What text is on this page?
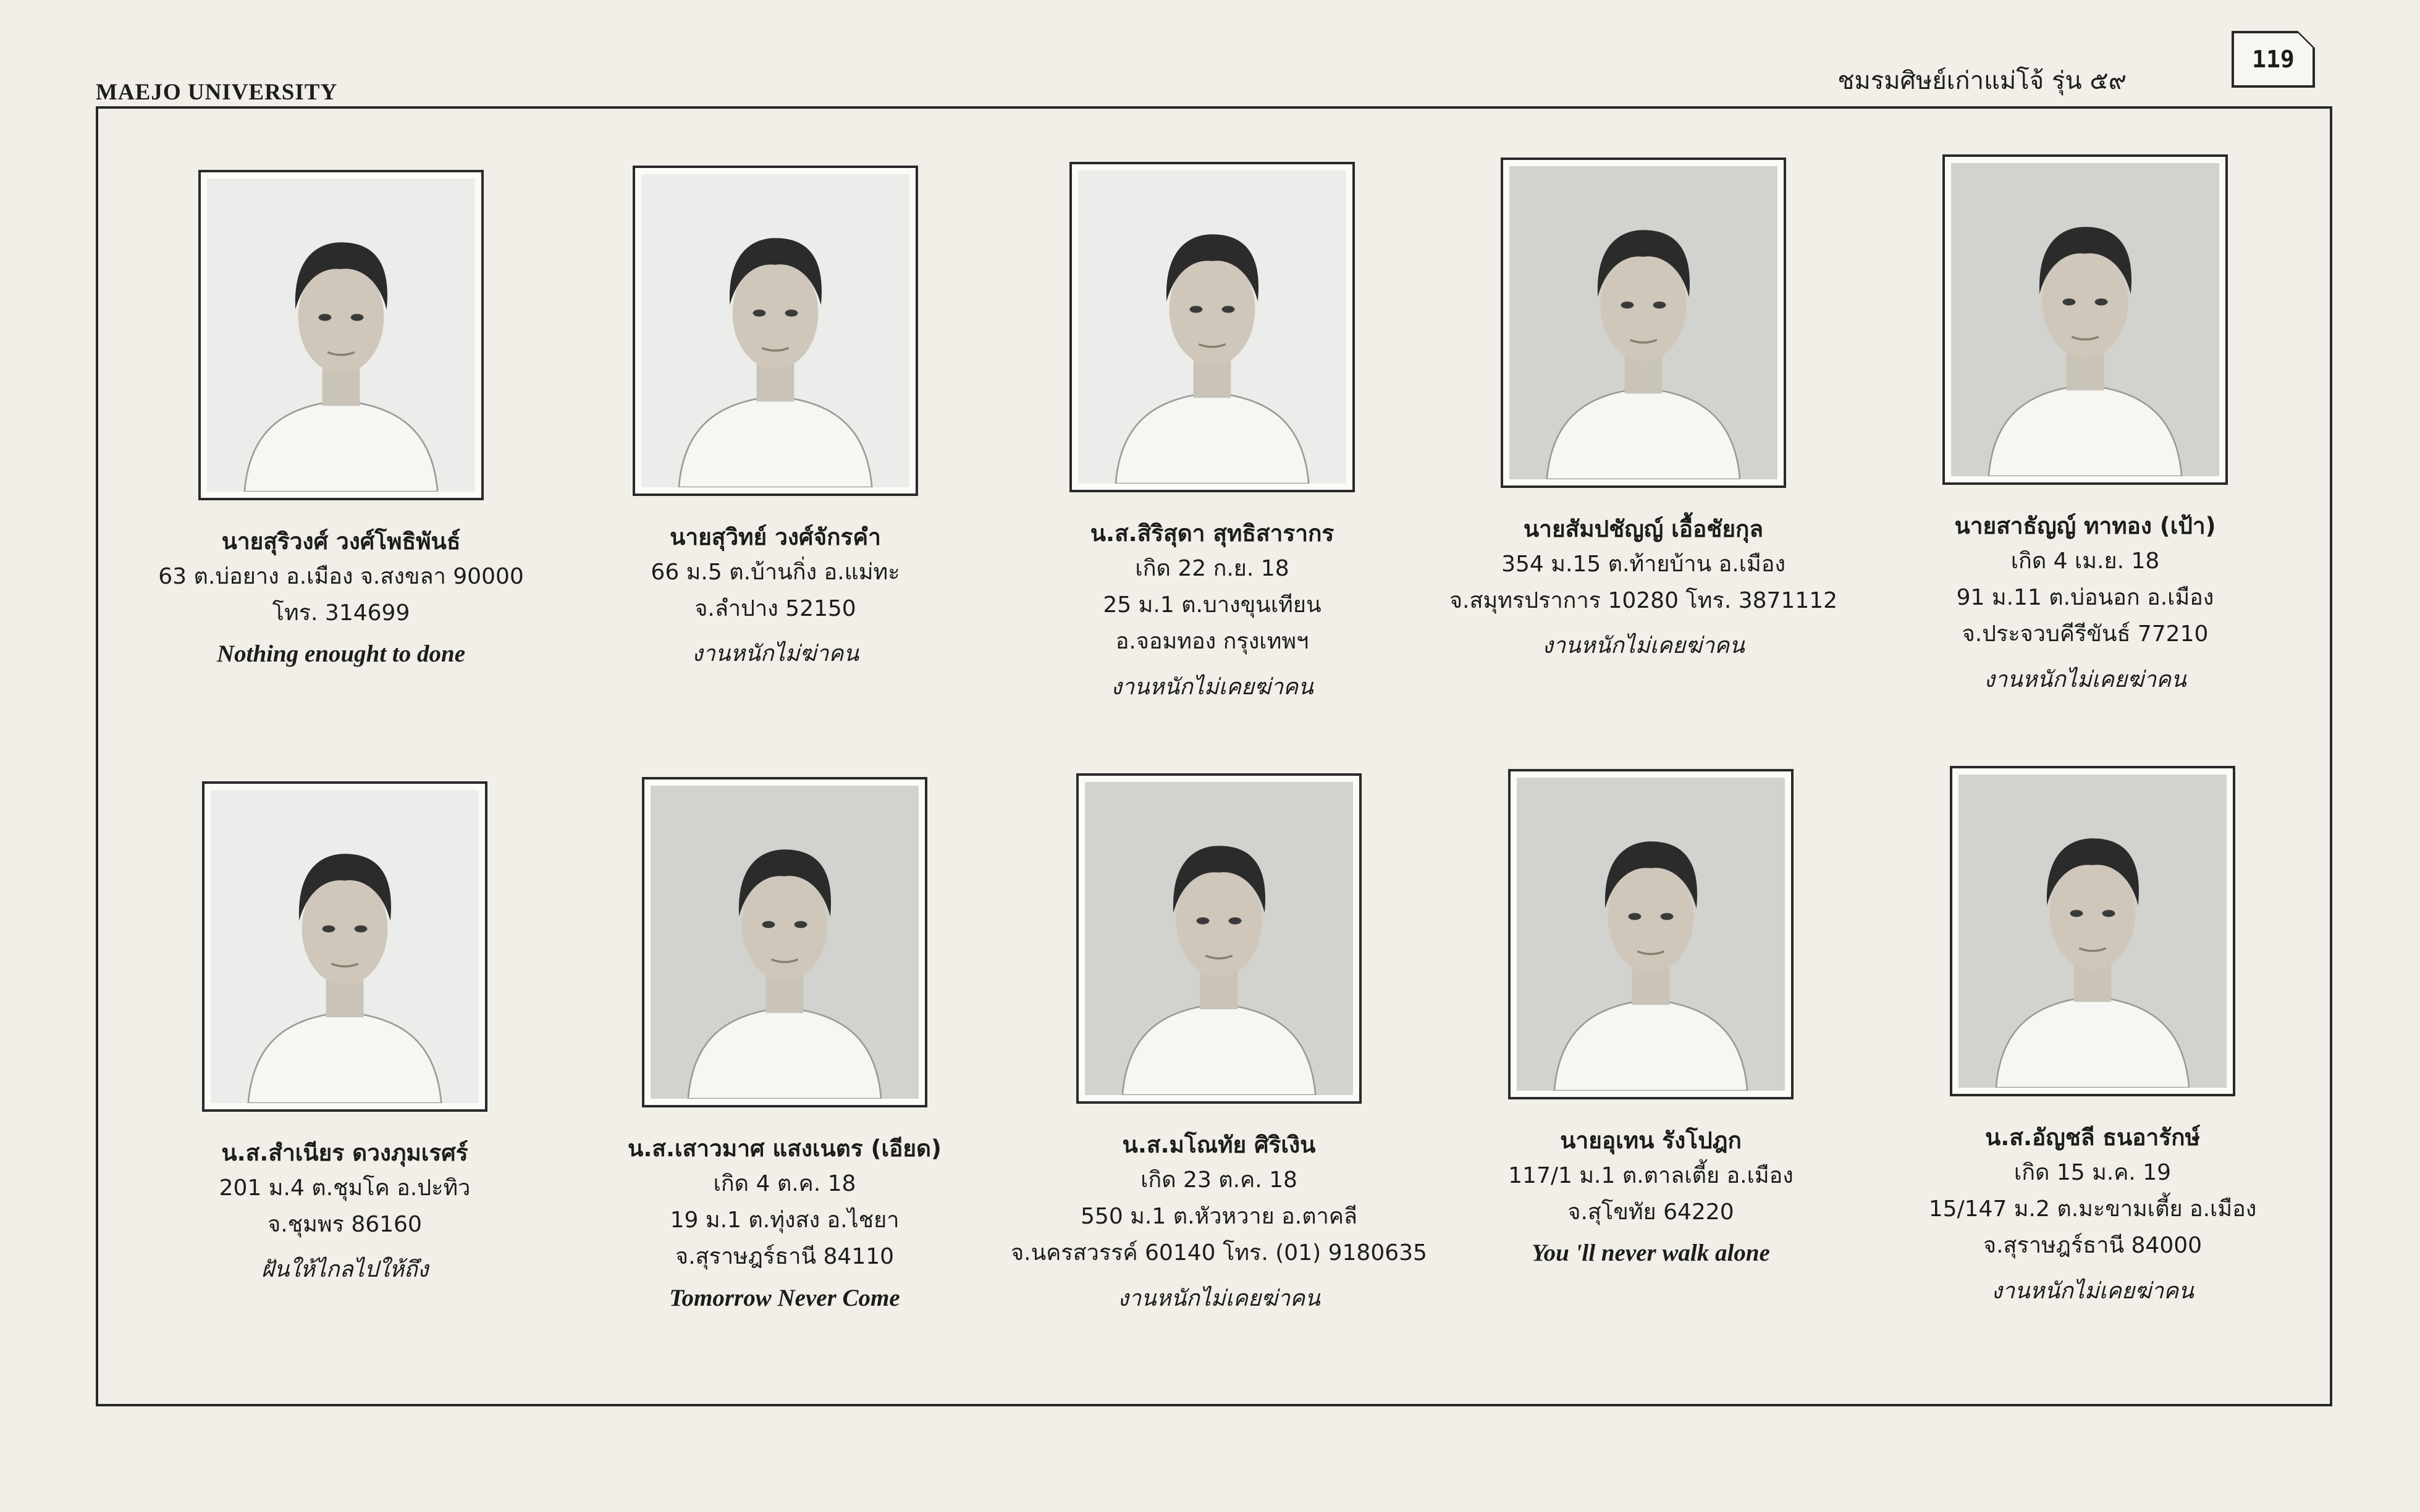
MAEJO UNIVERSITY	ชมรมศิษย์เก่าแม่โจ้ รุ่น ๕๙
119
นายสุริวงศ์ วงศ์โพธิพันธ์
63 ต.บ่อยาง อ.เมือง จ.สงขลา 90000
โทร. 314699
Nothing enought to done
นายสุวิทย์ วงศ์จักรคำ
66 ม.5 ต.บ้านกิ่ง อ.แม่ทะ
จ.ลำปาง 52150
งานหนักไม่ฆ่าคน
น.ส.สิริสุดา สุทธิสารากร
เกิด 22 ก.ย. 18
25 ม.1 ต.บางขุนเทียน
อ.จอมทอง กรุงเทพฯ
งานหนักไม่เคยฆ่าคน
นายสัมปชัญญ์ เอื้อชัยกุล
354 ม.15 ต.ท้ายบ้าน อ.เมือง
จ.สมุทรปราการ 10280 โทร. 3871112
งานหนักไม่เคยฆ่าคน
นายสาธัญญ์ ทาทอง (เป้า)
เกิด 4 เม.ย. 18
91 ม.11 ต.บ่อนอก อ.เมือง
จ.ประจวบคีรีขันธ์ 77210
งานหนักไม่เคยฆ่าคน
น.ส.สำเนียร ดวงภุมเรศร์
201 ม.4 ต.ชุมโค อ.ปะทิว
จ.ชุมพร 86160
ฝันให้ไกลไปให้ถึง
น.ส.เสาวมาศ แสงเนตร (เอียด)
เกิด 4 ต.ค. 18
19 ม.1 ต.ทุ่งสง อ.ไชยา
จ.สุราษฎร์ธานี 84110
Tomorrow Never Come
น.ส.มโณทัย ศิริเงิน
เกิด 23 ต.ค. 18
550 ม.1 ต.หัวหวาย อ.ตาคลี
จ.นครสวรรค์ 60140 โทร. (01) 9180635
งานหนักไม่เคยฆ่าคน
นายอุเทน รังโปฎก
117/1 ม.1 ต.ตาลเตี้ย อ.เมือง
จ.สุโขทัย 64220
You 'll never walk alone
น.ส.อัญชลี ธนอารักษ์
เกิด 15 ม.ค. 19
15/147 ม.2 ต.มะขามเตี้ย อ.เมือง
จ.สุราษฎร์ธานี 84000
งานหนักไม่เคยฆ่าคน
